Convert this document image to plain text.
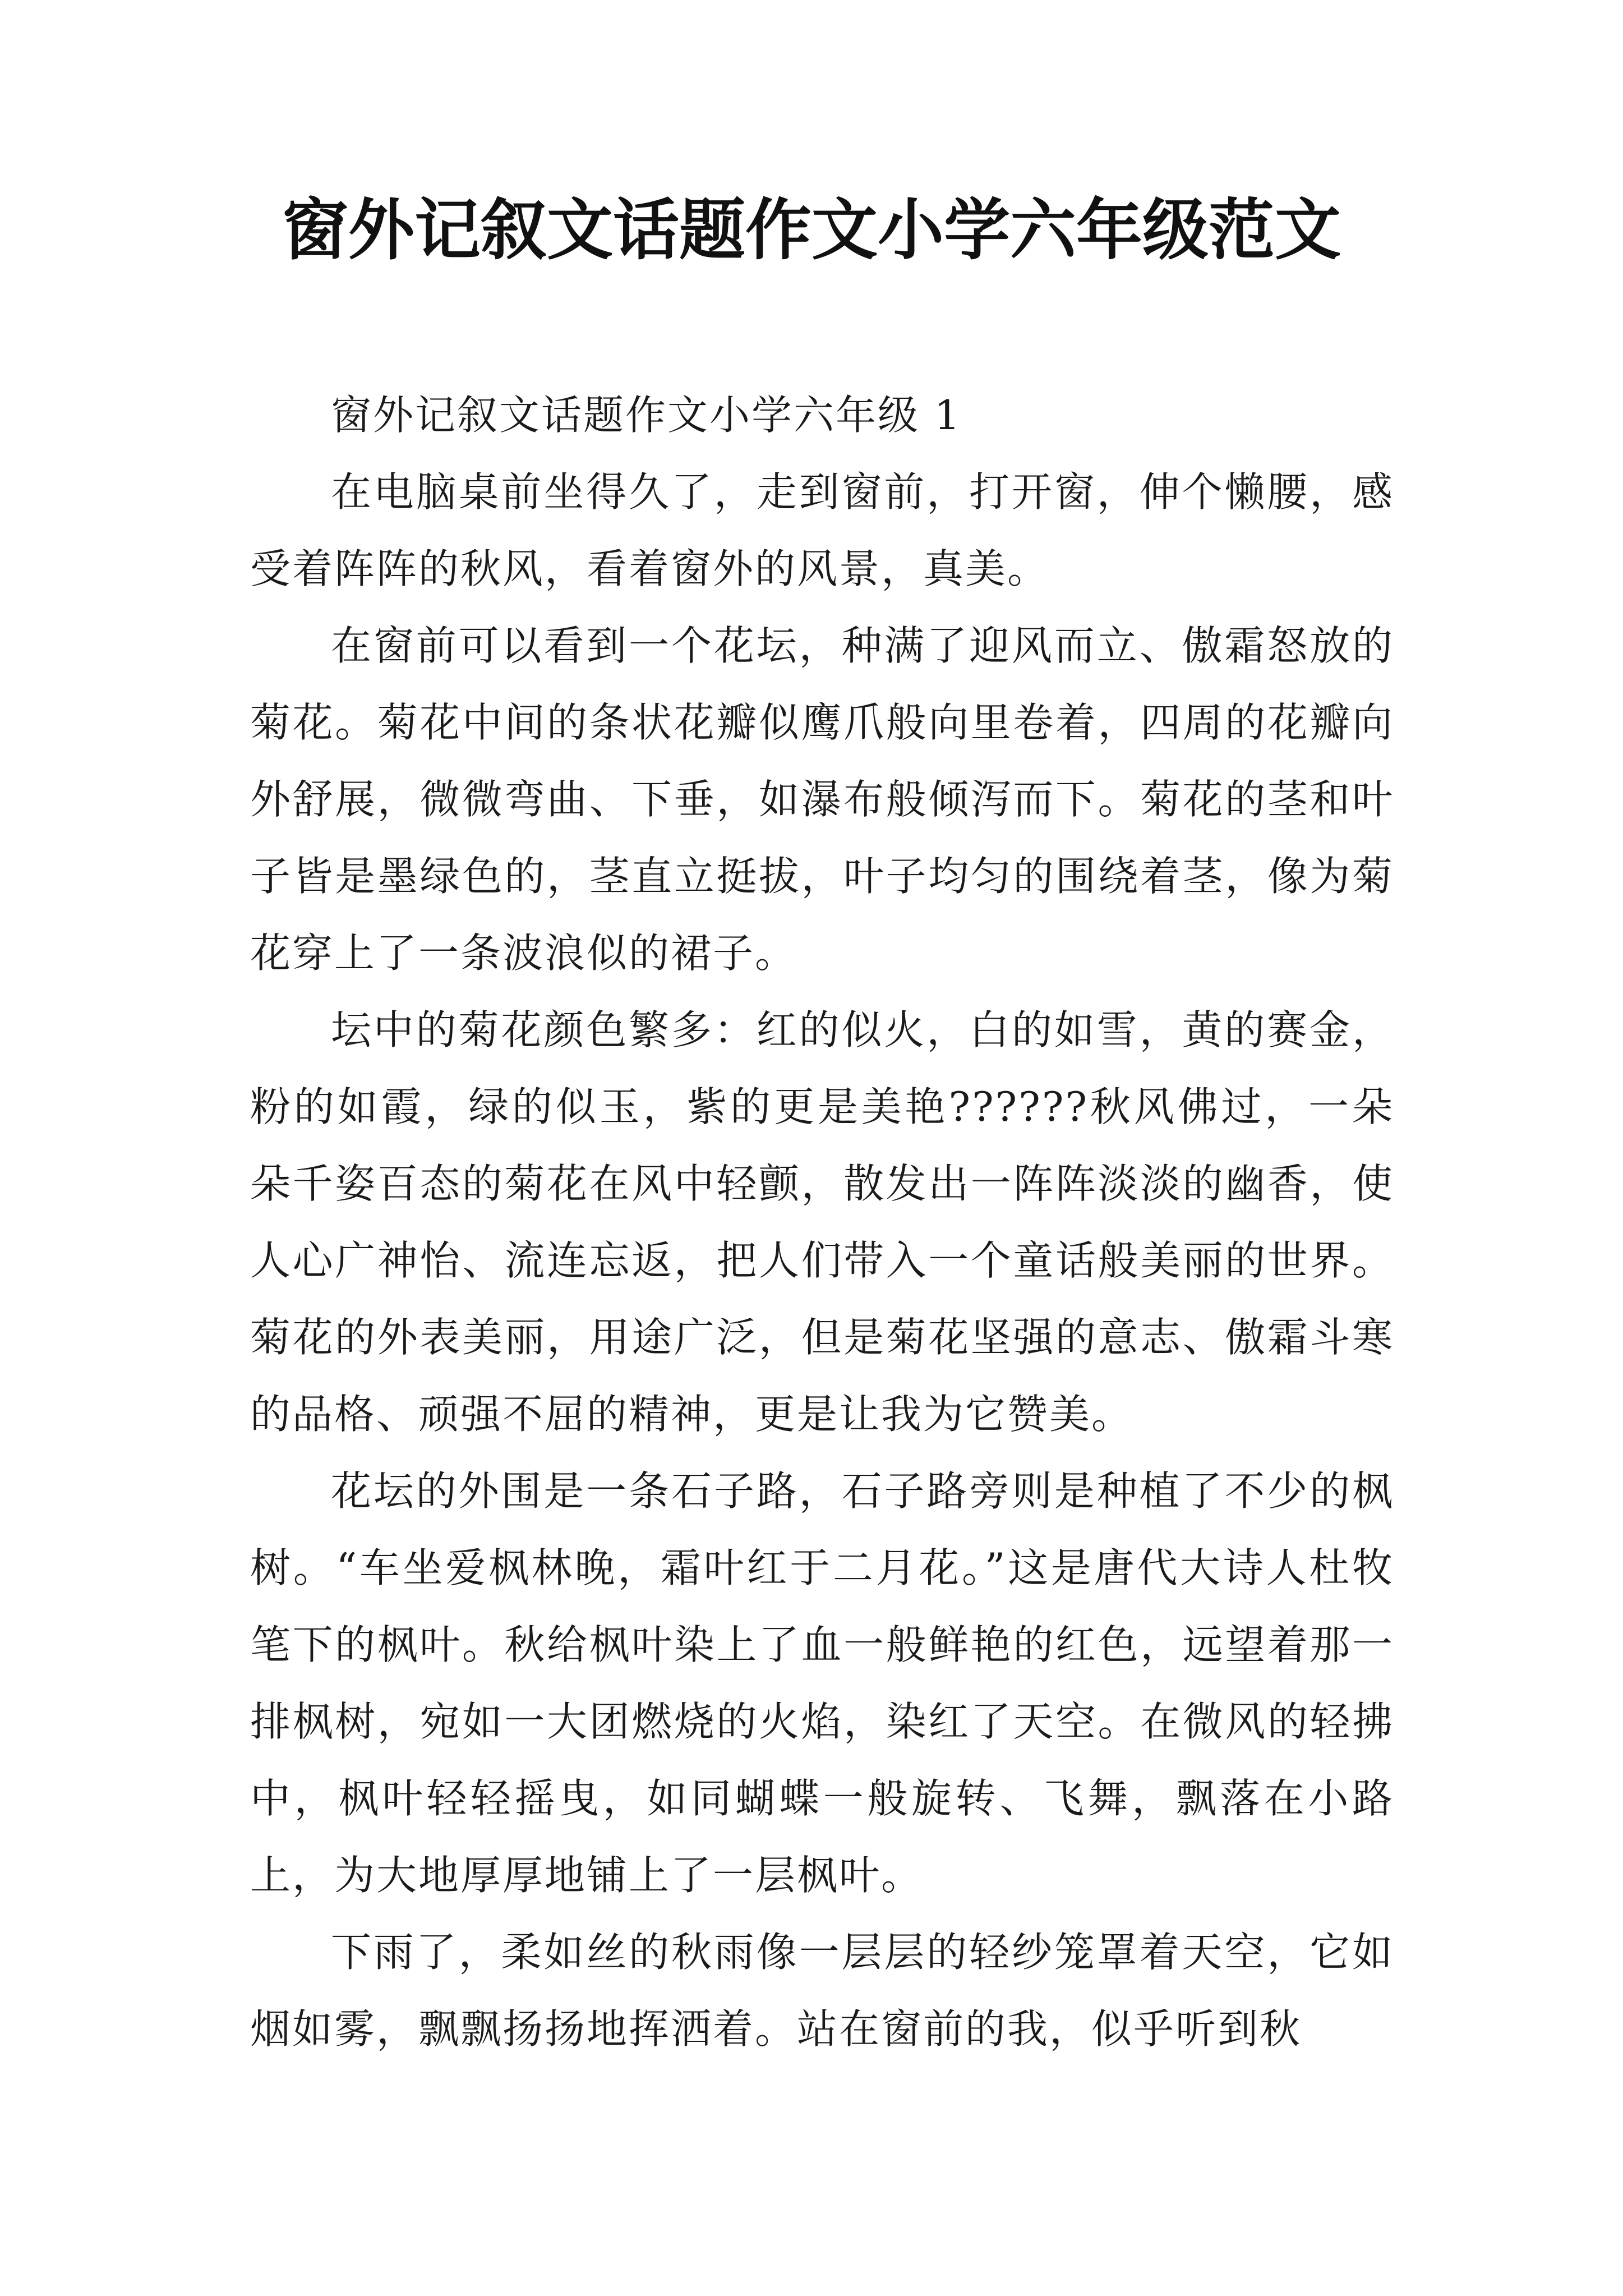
窗外记叙文话题作文小学六年级范文

窗外记叙文话题作文小学六年级 1

在电脑桌前坐得久了，走到窗前，打开窗，伸个懒腰，感受着阵阵的秋风，看着窗外的风景，真美。

在窗前可以看到一个花坛，种满了迎风而立、傲霜怒放的菊花。菊花中间的条状花瓣似鹰爪般向里卷着，四周的花瓣向外舒展，微微弯曲、下垂，如瀑布般倾泻而下。菊花的茎和叶子皆是墨绿色的，茎直立挺拔，叶子均匀的围绕着茎，像为菊花穿上了一条波浪似的裙子。

坛中的菊花颜色繁多：红的似火，白的如雪，黄的赛金，粉的如霞，绿的似玉，紫的更是美艳??????秋风佛过，一朵朵千姿百态的菊花在风中轻颤，散发出一阵阵淡淡的幽香，使人心广神怡、流连忘返，把人们带入一个童话般美丽的世界。菊花的外表美丽，用途广泛，但是菊花坚强的意志、傲霜斗寒的品格、顽强不屈的精神，更是让我为它赞美。

花坛的外围是一条石子路，石子路旁则是种植了不少的枫树。“车坐爱枫林晚，霜叶红于二月花。”这是唐代大诗人杜牧笔下的枫叶。秋给枫叶染上了血一般鲜艳的红色，远望着那一排枫树，宛如一大团燃烧的火焰，染红了天空。在微风的轻拂中，枫叶轻轻摇曳，如同蝴蝶一般旋转、飞舞，飘落在小路上，为大地厚厚地铺上了一层枫叶。

下雨了，柔如丝的秋雨像一层层的轻纱笼罩着天空，它如烟如雾，飘飘扬扬地挥洒着。站在窗前的我，似乎听到秋
